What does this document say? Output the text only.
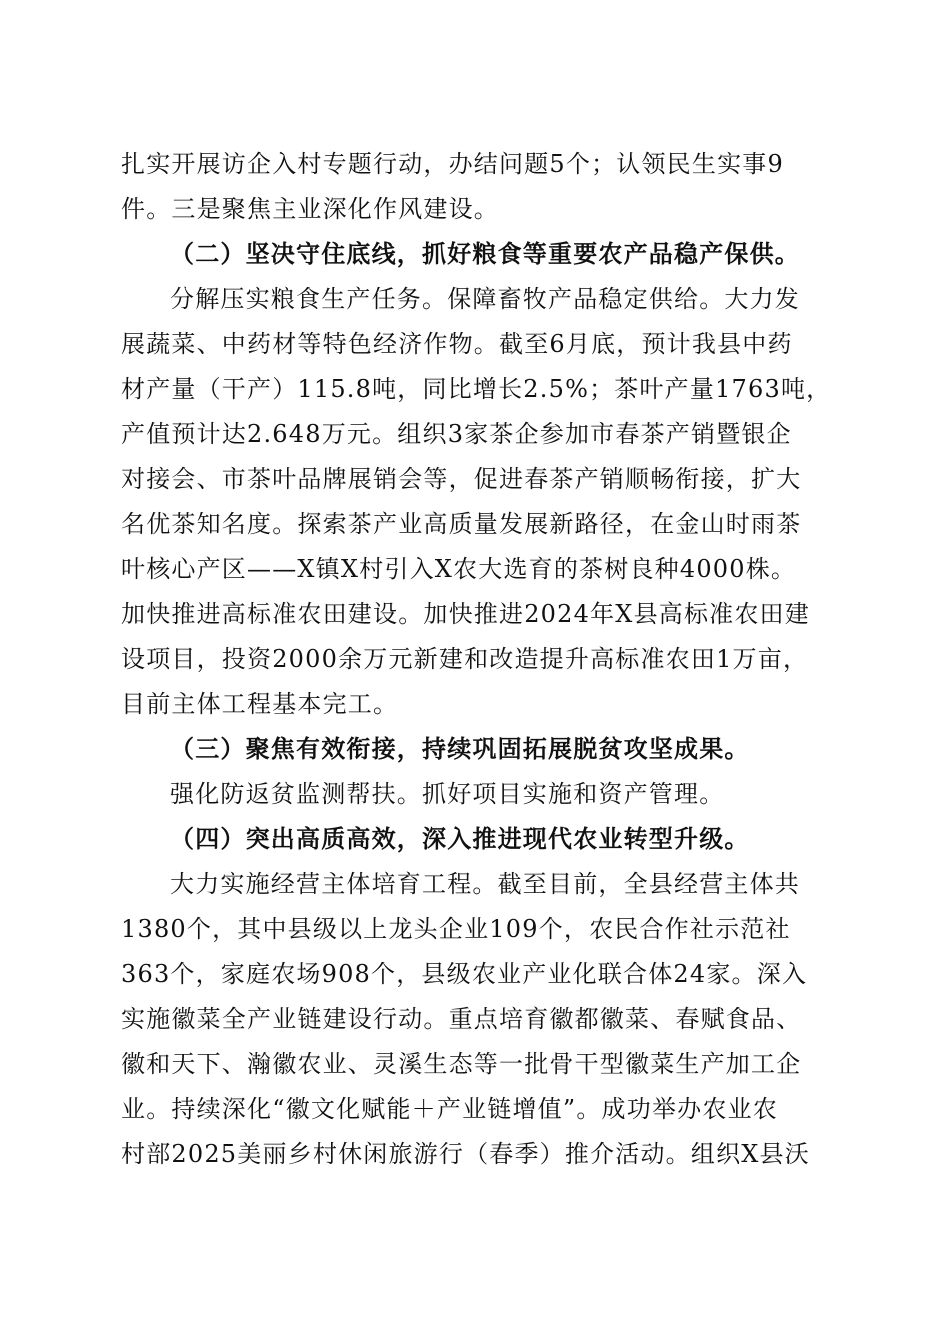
扎实开展访企入村专题行动，办结问题5个；认领民生实事9
件。三是聚焦主业深化作风建设。
（二）坚决守住底线，抓好粮食等重要农产品稳产保供。
分解压实粮食生产任务。保障畜牧产品稳定供给。大力发
展蔬菜、中药材等特色经济作物。截至6月底，预计我县中药
材产量（干产）115.8吨，同比增长2.5%；茶叶产量1763吨，
产值预计达2.648万元。组织3家茶企参加市春茶产销暨银企
对接会、市茶叶品牌展销会等，促进春茶产销顺畅衔接，扩大
名优茶知名度。探索茶产业高质量发展新路径，在金山时雨茶
叶核心产区——X镇X村引入X农大选育的茶树良种4000株。
加快推进高标准农田建设。加快推进2024年X县高标准农田建
设项目，投资2000余万元新建和改造提升高标准农田1万亩，
目前主体工程基本完工。
（三）聚焦有效衔接，持续巩固拓展脱贫攻坚成果。
强化防返贫监测帮扶。抓好项目实施和资产管理。
（四）突出高质高效，深入推进现代农业转型升级。
大力实施经营主体培育工程。截至目前，全县经营主体共
1380个，其中县级以上龙头企业109个，农民合作社示范社
363个，家庭农场908个，县级农业产业化联合体24家。深入
实施徽菜全产业链建设行动。重点培育徽都徽菜、春赋食品、
徽和天下、瀚徽农业、灵溪生态等一批骨干型徽菜生产加工企
业。持续深化“徽文化赋能＋产业链增值”。成功举办农业农
村部2025美丽乡村休闲旅游行（春季）推介活动。组织X县沃
